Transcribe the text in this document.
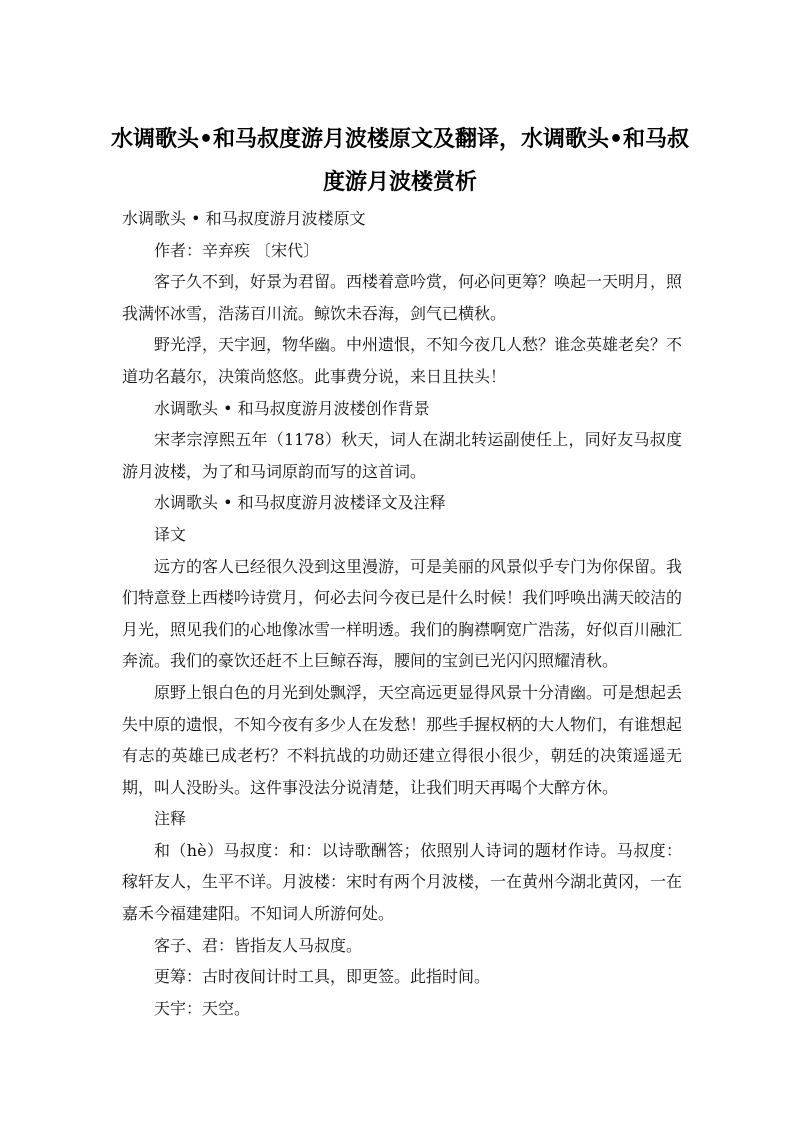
水调歌头•和马叔度游月波楼原文及翻译，水调歌头•和马叔度游月波楼赏析

水调歌头 • 和马叔度游月波楼原文

作者：辛弃疾 〔宋代〕

客子久不到，好景为君留。西楼着意吟赏，何必问更筹？唤起一天明月，照我满怀冰雪，浩荡百川流。鲸饮未吞海，剑气已横秋。

野光浮，天宇迥，物华幽。中州遗恨，不知今夜几人愁？谁念英雄老矣？不道功名蕞尔，决策尚悠悠。此事费分说，来日且扶头！

水调歌头 • 和马叔度游月波楼创作背景

宋孝宗淳熙五年（1178）秋天，词人在湖北转运副使任上，同好友马叔度游月波楼，为了和马词原韵而写的这首词。

水调歌头 • 和马叔度游月波楼译文及注释

译文

远方的客人已经很久没到这里漫游，可是美丽的风景似乎专门为你保留。我们特意登上西楼吟诗赏月，何必去问今夜已是什么时候！我们呼唤出满天皎洁的月光，照见我们的心地像冰雪一样明透。我们的胸襟啊宽广浩荡，好似百川融汇奔流。我们的豪饮还赶不上巨鲸吞海，腰间的宝剑已光闪闪照耀清秋。

原野上银白色的月光到处飘浮，天空高远更显得风景十分清幽。可是想起丢失中原的遗恨，不知今夜有多少人在发愁！那些手握权柄的大人物们，有谁想起有志的英雄已成老朽？不料抗战的功勋还建立得很小很少，朝廷的决策遥遥无期，叫人没盼头。这件事没法分说清楚，让我们明天再喝个大醉方休。

注释

和（hè）马叔度：和：以诗歌酬答；依照别人诗词的题材作诗。马叔度：稼轩友人，生平不详。月波楼：宋时有两个月波楼，一在黄州今湖北黄冈，一在嘉禾今福建建阳。不知词人所游何处。

客子、君：皆指友人马叔度。

更筹：古时夜间计时工具，即更签。此指时间。

天宇：天空。
